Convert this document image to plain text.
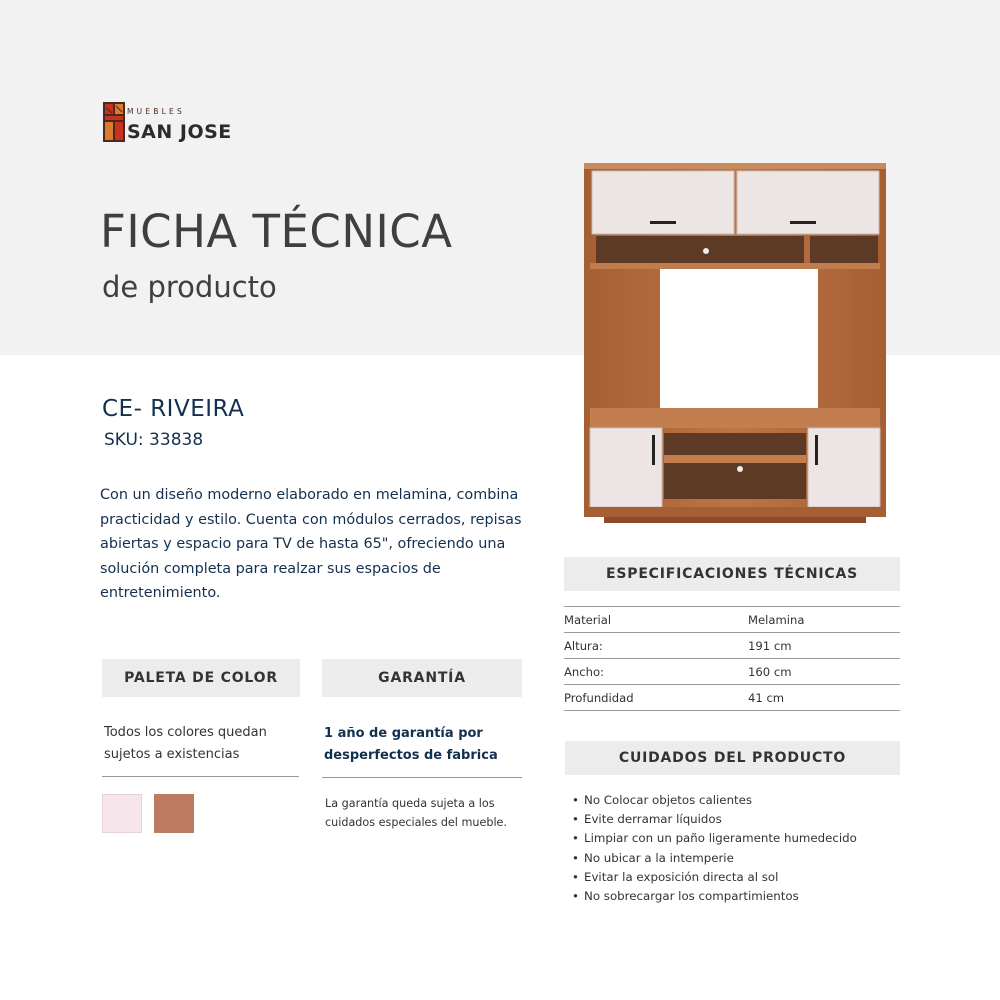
MUEBLES
SAN JOSE
FICHA TÉCNICA
de producto
CE- RIVEIRA
SKU: 33838

Con un diseño moderno elaborado en melamina, combina practicidad y estilo. Cuenta con módulos cerrados, repisas abiertas y espacio para TV de hasta 65", ofreciendo una solución completa para realzar sus espacios de entretenimiento.

PALETA DE COLOR

Todos los colores quedan sujetos a existencias

GARANTÍA

1 año de garantía por desperfectos de fabrica

La garantía queda sujeta a los cuidados especiales del mueble.

ESPECIFICACIONES TÉCNICAS
Material	Melamina
Altura:	191 cm
Ancho:	160 cm
Profundidad	41 cm
CUIDADOS DEL PRODUCTO
• No Colocar objetos calientes
• Evite derramar líquidos
• Limpiar con un paño ligeramente humedecido
• No ubicar a la intemperie
• Evitar la exposición directa al sol
• No sobrecargar los compartimientos
